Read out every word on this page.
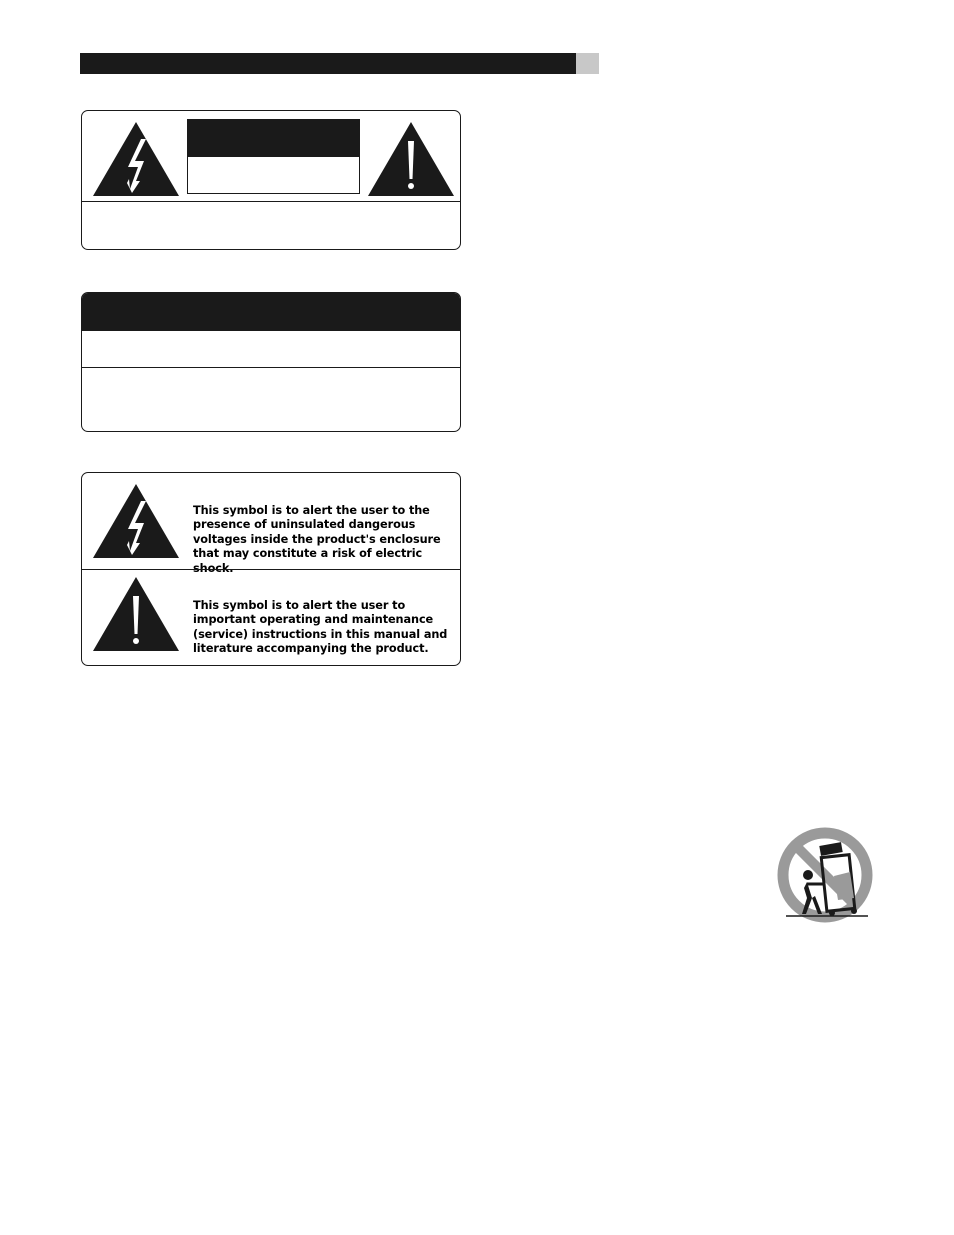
This symbol is to alert the user to the presence of uninsulated dangerous voltages inside the product's enclosure that may constitute a risk of electric shock.
This symbol is to alert the user to important operating and maintenance (service) instructions in this manual and literature accompanying the product.
